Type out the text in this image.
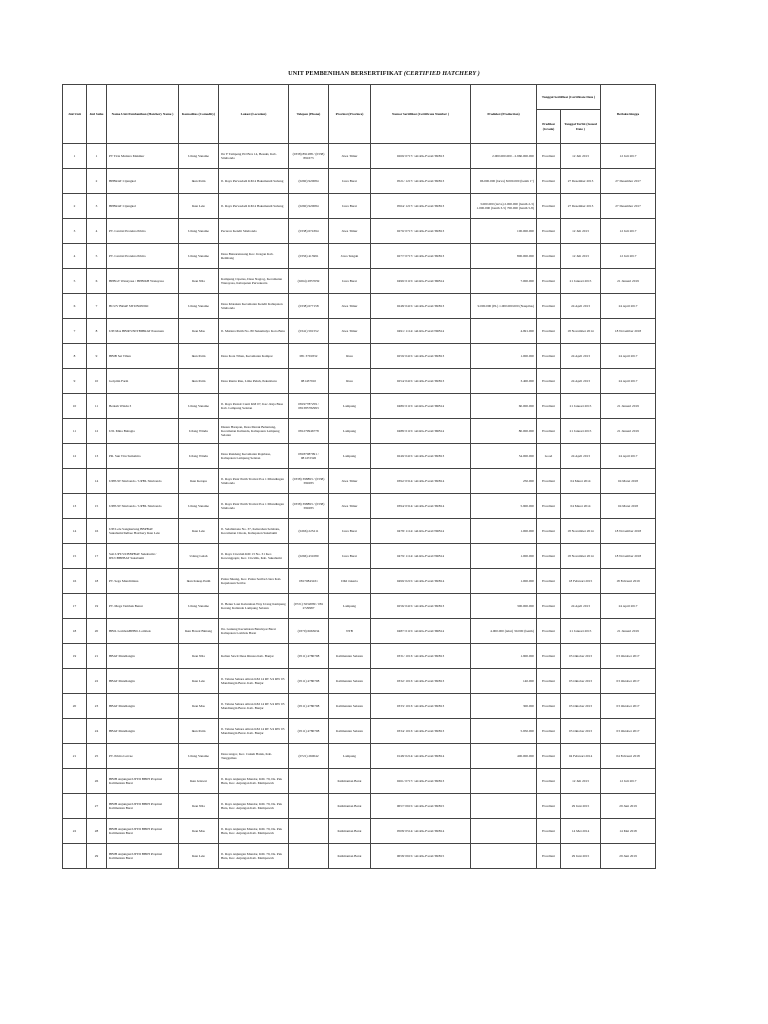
UNIT PEMBENIHAN BERSERTIFIKAT (CERTIFIED HATCHERY )
Jml Unit	Jml Suhu	Nama Unit Pembenihan (Hatchery Name )	Komoditas (Comodity)	Lokasi (Location)	Telepon (Phone)	Provinsi (Province)	Nomor Sertifikat (Certificate Number )	Produksi (Production)	Tanggal Sertifikat (Certificate Date )		Berlaku hingga
									Predikat (Grade)	Tanggal Terbit (Issued Date )	
1	1	PT Tirta Mutiara Makmur	Udang Vaname	Jln Y Tampeng PO Box 14, Besuki, Kab. Situbondo	(0338) 891288 / (0338) 891673	Jawa Timur	0269/ 0717/ /ALRG-F/eral/TRB13	2.000.000.000 - 2.960.000.000	Excellent	12 Juli 2013	12 Juli 2017
	2	BPBRAT Cijengkol	Ikan Patin	Jl. Raya Purwadadi KM 4 Bakamandi Subang	(0260) 920084	Jawa Barat	0521/ 1217/ /ALRG-F/eral/TRB13	96.000.000 (larva) 8.000.000 (benih 1")	Excellent	27 Desember 2013	27 Desember 2017
2	3	BPBRAT Cijengkol	Ikan Lele	Jl. Raya Purwadadi KM 4 Bakamandi Subang	(0260) 920084	Jawa Barat	0564/ 1217/ /ALRG-F/eral/TRB13	3.000.000 (larva) 2.000.000 (benih 2-3) 1.000.000 (benih 3-5) 700.000 (benih 5-8)	Excellent	27 Desember 2013	27 Desember 2017
3	4	PT. Central Proteina Prima	Udang Vaname	Pecaron Kendit Situbondo	(0338) 674394	Jawa Timur	0270/ 0717/ /ALRG-F/eral/TRB13	100.000.000	Excellent	12 Juli 2013	12 Juli 2017
4	5	PT. Central Proteina Prima	Udang Vaname	Desa Batuarutusang Kec. Kragan Kab. Rembang	(0356) 413991	Jawa Tengah	0277/ 0717/ /ALRG-F/eral/TRB13	800.000.000	Excellent	12 Juli 2013	12 Juli 2017
5	6	BPBGT Wanayasa / BPBIKH Wanayasa	Ikan Nila	Kampung Cipetus, Desa Nagrog, Kecamatan Wanayasa, Kabupaten Purwakarta	(0264) 2857659	Jawa Barat	0499/ 0115/ /ALRG-F/eral/TRB14	7.000.000	Excellent	21 Januari 2015	21 Januari 2019
6	7	BCUV BRAP SITUBONDO	Udang Vaname	Desa Klatakan Kecamatan Kendit Kabupaten Situbondo	(0338) 677158	Jawa Timur	0248/ 0415/ /ALRG-F/eral/TRB13	9.000.000 (PL) 1.000.000.000 (Naupilus)	Excellent	24 April 2013	24 April 2017
7	8	UPI Mas BBIP/UNITBIBRAT Pasuruan	Ikan Mas	Jl. Mutiara Putih No. 80 Sukamulyo Kota Batu	(0341) 591552	Jawa Timur	0491/ 1114/ /ALRG-F/eral/TRB14	4.991.000	Excellent	18 November 2014	18 November 2018
8	9	BBIB Sei Tibun	Ikan Patin	Desa Kota Tibun, Kecamatan Kampar	081 3791832	Riau	0259/ 0415/ /ALRG-F/eral/TRB13	1.000.000	Excellent	24 April 2013	24 April 2017
9	10	Golpitin Farm	Ikan Patin	Desa Rantu Rau, Lima Puluh, Pekanbaru	081437910	Riau	0254/ 0415/ /ALRG-F/eral/TRB13	3.400.000	Excellent	24 April 2013	24 April 2017
10	11	Berkah Windu 3	Udang Vaname	Jl. Raya Pesisir Canti KM 07, Kec. Raja Basa Kab. Lampung Selatan	08197787259 / 081385782993	Lampung	0489/ 0115/ /ALRG-F/eral/TRB14	60.000.000	Excellent	21 Januari 2015	21 Januari 2019
11	12	UD. Mina Bahagia	Udang Windu	Dusun Harapan, Desa Merak Belantung, Kecamatan Kalianda, Kabupaten Lampung Selatan	081279946778	Lampung	0488/ 0115/ /ALRG-F/eral/TRB14	80.000.000	Excellent	21 Januari 2015	21 Januari 2019
12	13	PR. Sun Tiru Sumahira	Udang Windu	Desa Rundeng Kecamatan Rajabasa, Kabupaten Lampung Selatan	08187087091 / 081472326	Lampung	0249/ 0415/ /ALRG-F/eral/TRB13	54.000.000	Good	24 April 2013	24 April 2017
	14	UPPUW Situbondo / UPBL Situbondo	Ikan Kerapu	Jl. Raya Pasir Putih Tromol Pos 1 Mlandingan Situbondo	(0338) 398893 / (0338) 399283	Jawa Timur	0392/ 0314/ /ALRG-F/eral/TRB14	250.000	Excellent	04 Maret 2014	04 Maret 2018
13	15	UPPUW Situbondo / UPBL Situbondo	Udang Vaname	Jl. Raya Pasir Putih Tromol Pos 1 Mlandingan Situbondo	(0338) 398893 / (0338) 399283	Jawa Timur	0394/ 0314/ /ALRG-F/eral/TRB14	5.900.000	Excellent	04 Maret 2014	04 Maret 2018
14	16	UPI Lele Sangkuriang BBPBAT Sukabumi/Indbee Hatchery Ikan Lele	Ikan Lele	Jl. Selabintana No. 37, Kelurahan Selabatu, Kecamatan Cikole, Kabupaten Sukabumi	(0266) 225211	Jawa Barat	0478/ 1114/ /ALRG-F/eral/TRB14	1.000.000	Excellent	18 November 2014	18 November 2018
15	17	Sub UPT/UCBBPBAT Sukabumi / IPUCBBPBAT Sukabumi	Udang Galah	Jl. Raya Ciwaluh KM 13 No. 31 Kec. Kewangpapir, Kec. Ciwidik, Kab. Sukabumi	(0266) 431080	Jawa Barat	0479/ 1114/ /ALRG-F/eral/TRB14	1.000.000	Excellent	18 November 2014	18 November 2018
16	18	PT. Sega Mandiriniaa	Ikan Kakap Putih	Pulau Sikung, Kec. Pulau Seribu Utara Kab. Kepulauan Seribu	08170843431	DKI Jakarta	0499/ 0215/ /ALRG-F/eral/TRB14	1.000.000	Excellent	18 Februari 2015	18 Februari 2019
17	19	PT. Mega Tambak Benur	Udang Vaname	Jl. Benur Laut Kelurahan Way Urang Kampung Kerang Kalianda Lampung Selatan	(0721) 5632089 / 081 2729987	Lampung	0256/ 0415/ /ALRG-F/eral/TRB13	300.000.000	Excellent	24 April 2013	24 April 2017
18	20	BBIL LombokBPBIL Lombok	Ikan Bawal Bintang	Jln. Gunung Kecamatan Batulayar Barat Kabupaten Lombok Barat	(0370) 6663634	NTB	0487/ 0115/ /ALRG-F/eral/TRB14	4.000.000 (telur) 30.000 (benih)	Excellent	21 Januari 2015	21 Januari 2019
19	21	BBAT Mandiangin	Ikan Nila	Kebun Sawit Desa Rinusa Kab. Banjar	(0511) 4780798	Kalimantan Selatan	0331/ 1013/ /ALRG-F/eral/TRB13	1.900.000	Excellent	03 Oktober 2013	03 Oktober 2017
	22	BBAT Mandiangin	Ikan Lele	Jl. Taluna Sahara Aliran KM 14 RT 3/4 RW 03 Mandiangin Barat. Kab. Banjar	(0511) 4780798	Kalimantan Selatan	0332/ 1013/ /ALRG-F/eral/TRB13	140.000	Excellent	03 Oktober 2013	03 Oktober 2017
20	23	BBAT Mandiangin	Ikan Mas	Jl. Taluna Sahara Aliran KM 14 RT 3/4 RW 03 Mandiangin Barat. Kab. Banjar	(0511) 4780798	Kalimantan Selatan	0333/ 1013/ /ALRG-F/eral/TRB13	300.000	Excellent	03 Oktober 2013	03 Oktober 2017
	24	BBAT Mandiangin	Ikan Patin	Jl. Taluna Sahara Aliran KM 14 RT 3/4 RW 03 Mandiangin Barat. Kab. Banjar	(0511) 4780798	Kalimantan Selatan	0334/ 1013/ /ALRG-F/eral/TRB13	5.950.000	Excellent	03 Oktober 2013	03 Oktober 2017
21	25	PT. Prima Larvae	Udang Vaname	Desa tengor, Kec. Cukuh Balak, Kab. Tanggamus	(0721) 260042	Lampung	0148/ 0214/ /ALRG-F/eral/TRB14	400.000.000	Excellent	04 Februari 2014	04 Februari 2018
	26	BBIH Anjungan/UPTD BBIH Propinsi Kalimantan Barat	Ikan Jelawat	Jl. Raya Anjungan Mandor, KM. 79, Ds. Pak Buta, Kec. Anjungan Kab. Mempawah		Kalimantan Barat	0261/ 0717/ /ALRG-F/eral/TRB13		Excellent	12 Juli 2013	12 Juli 2017
	27	BBIH Anjungan/UPTD BBIH Propinsi Kalimantan Barat	Ikan Nila	Jl. Raya Anjungan Mandor, KM. 79, Ds. Pak Buta, Kec. Anjungan Kab. Mempawah		Kalimantan Barat	0657/ 0615/ /ALRG-F/eral/TRB15		Excellent	29 Juni 2015	29 Juni 2019
22	28	BBIH Anjungan/UPTD BBIH Propinsi Kalimantan Barat	Ikan Mas	Jl. Raya Anjungan Mandor, KM. 79, Ds. Pak Buta, Kec. Anjungan Kab. Mempawah		Kalimantan Barat	0508/ 0514/ /ALRG-F/eral/TRB14		Excellent	14 Mei 2014	14 Mei 2018
	29	BBIH Anjungan/UPTD BBIH Propinsi Kalimantan Barat	Ikan Lele	Jl. Raya Anjungan Mandor, KM. 79, Ds. Pak Buta, Kec. Anjungan Kab. Mempawah		Kalimantan Barat	0658/ 0615/ /ALRG-F/eral/TRB15		Excellent	29 Juni 2015	29 Juni 2019
